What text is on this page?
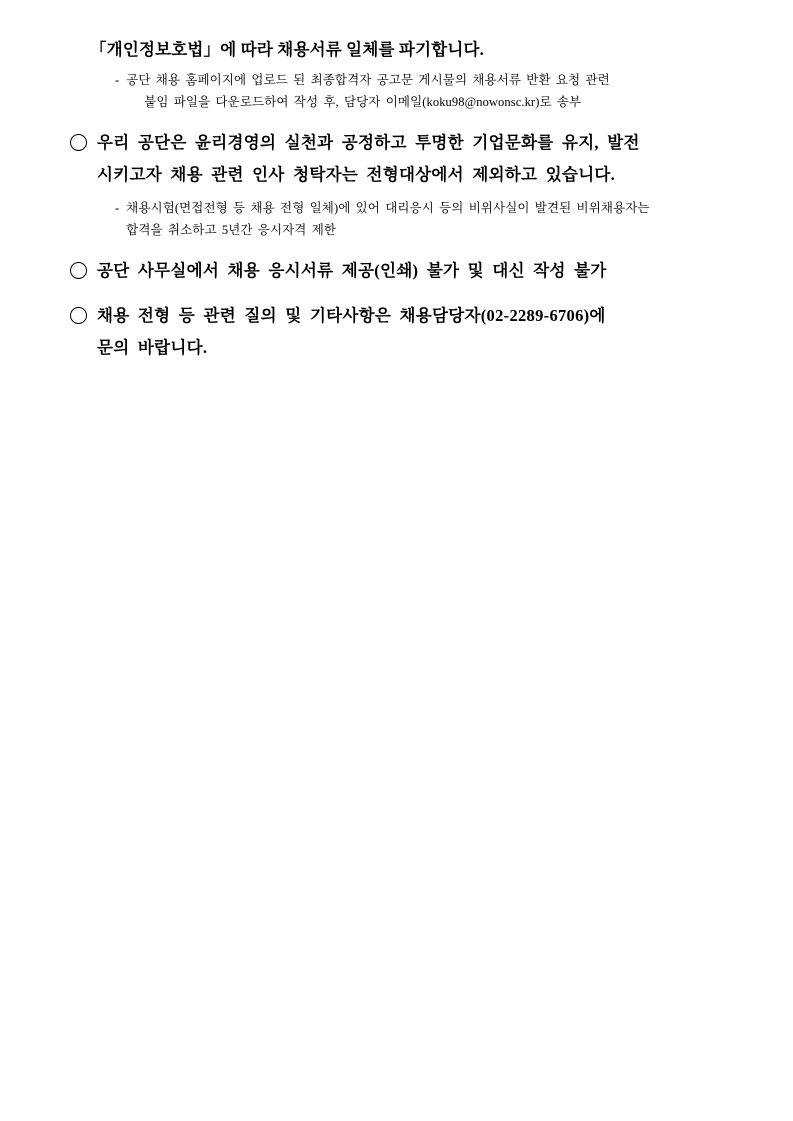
「개인정보호법」에 따라 채용서류 일체를 파기합니다.
- 공단 채용 홈페이지에 업로드 된 최종합격자 공고문 게시물의 채용서류 반환 요청 관련
붙임 파일을 다운로드하여 작성 후, 담당자 이메일(koku98@nowonsc.kr)로 송부
우리 공단은 윤리경영의 실천과 공정하고 투명한 기업문화를 유지, 발전
시키고자 채용 관련 인사 청탁자는 전형대상에서 제외하고 있습니다.
- 채용시험(면접전형 등 채용 전형 일체)에 있어 대리응시 등의 비위사실이 발견된 비위채용자는
합격을 취소하고 5년간 응시자격 제한
공단 사무실에서 채용 응시서류 제공(인쇄) 불가 및 대신 작성 불가
채용 전형 등 관련 질의 및 기타사항은 채용담당자(02-2289-6706)에
문의 바랍니다.
